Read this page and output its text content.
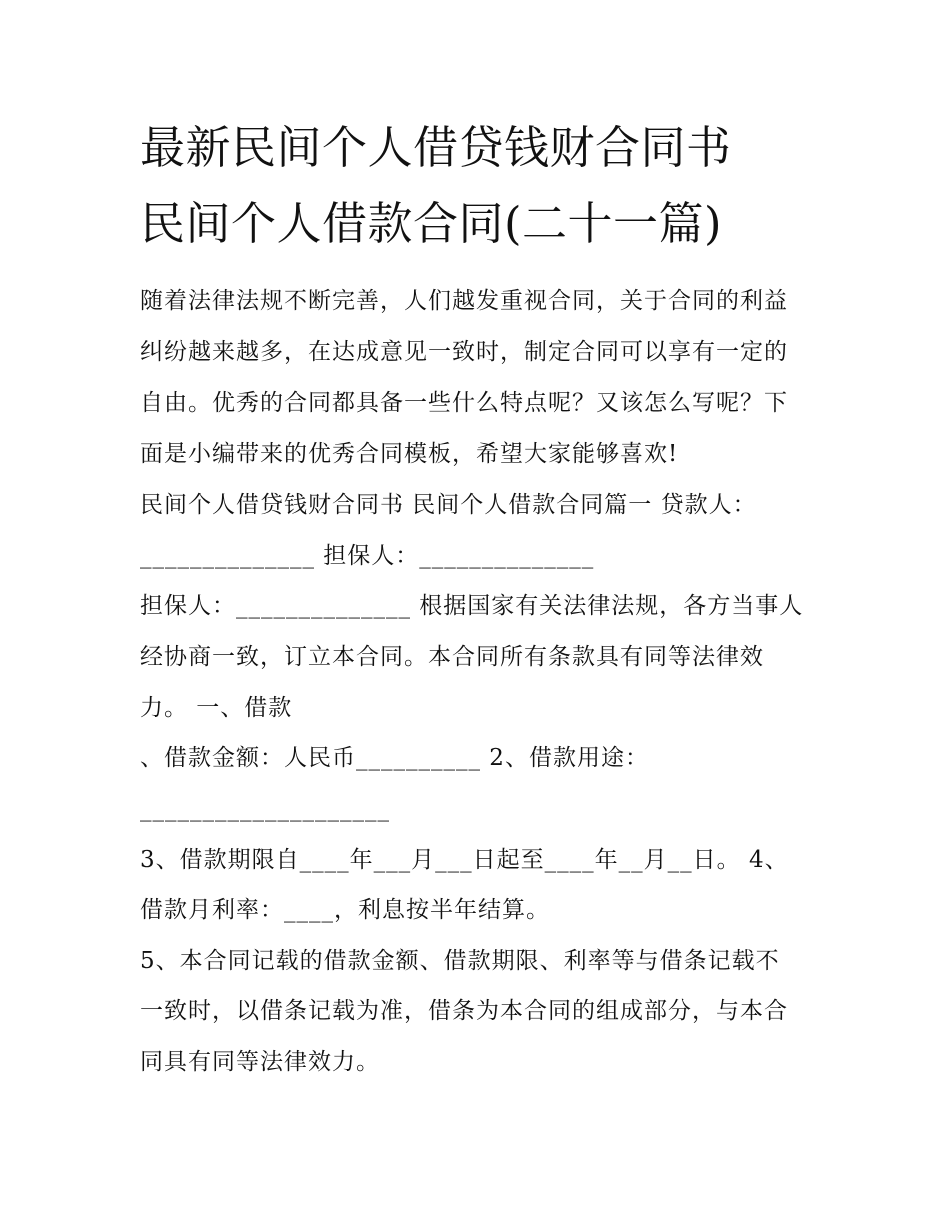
最新民间个人借贷钱财合同书
民间个人借款合同(二十一篇)
随着法律法规不断完善，人们越发重视合同，关于合同的利益
纠纷越来越多，在达成意见一致时，制定合同可以享有一定的
自由。优秀的合同都具备一些什么特点呢？又该怎么写呢？下
面是小编带来的优秀合同模板，希望大家能够喜欢!
民间个人借贷钱财合同书 民间个人借款合同篇一 贷款人：
______________ 担保人：______________
担保人：______________ 根据国家有关法律法规，各方当事人
经协商一致，订立本合同。本合同所有条款具有同等法律效
力。 一、借款
、借款金额：人民币__________ 2、借款用途：
____________________
3、借款期限自____年___月___日起至____年__月__日。 4、
借款月利率：____，利息按半年结算。
5、本合同记载的借款金额、借款期限、利率等与借条记载不
一致时，以借条记载为准，借条为本合同的组成部分，与本合
同具有同等法律效力。
